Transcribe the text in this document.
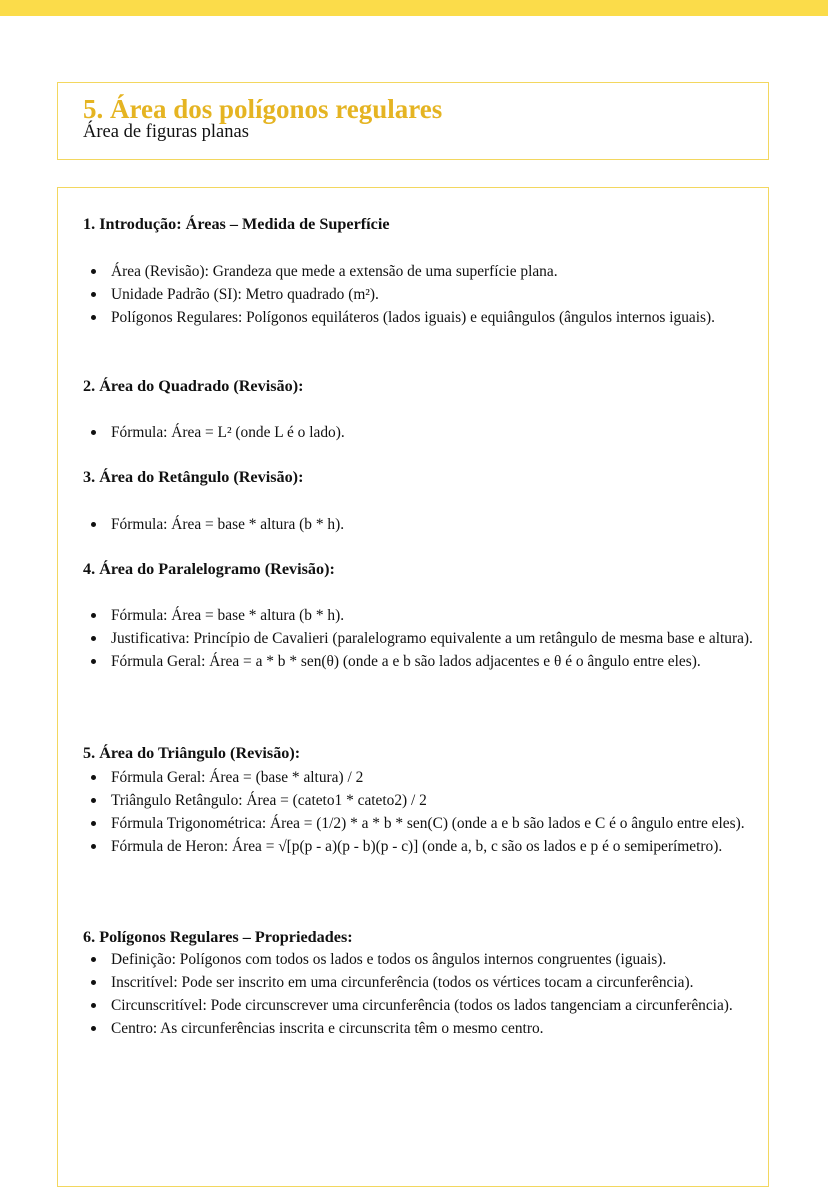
5. Área dos polígonos regulares
Área de figuras planas
1. Introdução: Áreas – Medida de Superfície
Área (Revisão): Grandeza que mede a extensão de uma superfície plana.
Unidade Padrão (SI): Metro quadrado (m²).
Polígonos Regulares: Polígonos equiláteros (lados iguais) e equiângulos (ângulos internos iguais).
2. Área do Quadrado (Revisão):
Fórmula: Área = L² (onde L é o lado).
3. Área do Retângulo (Revisão):
Fórmula: Área = base * altura (b * h).
4. Área do Paralelogramo (Revisão):
Fórmula: Área = base * altura (b * h).
Justificativa: Princípio de Cavalieri (paralelogramo equivalente a um retângulo de mesma base e altura).
Fórmula Geral: Área = a * b * sen(θ) (onde a e b são lados adjacentes e θ é o ângulo entre eles).
5. Área do Triângulo (Revisão):
Fórmula Geral: Área = (base * altura) / 2
Triângulo Retângulo: Área = (cateto1 * cateto2) / 2
Fórmula Trigonométrica: Área = (1/2) * a * b * sen(C) (onde a e b são lados e C é o ângulo entre eles).
Fórmula de Heron: Área = √[p(p - a)(p - b)(p - c)] (onde a, b, c são os lados e p é o semiperímetro).
6. Polígonos Regulares – Propriedades:
Definição: Polígonos com todos os lados e todos os ângulos internos congruentes (iguais).
Inscritível: Pode ser inscrito em uma circunferência (todos os vértices tocam a circunferência).
Circunscritível: Pode circunscrever uma circunferência (todos os lados tangenciam a circunferência).
Centro: As circunferências inscrita e circunscrita têm o mesmo centro.
